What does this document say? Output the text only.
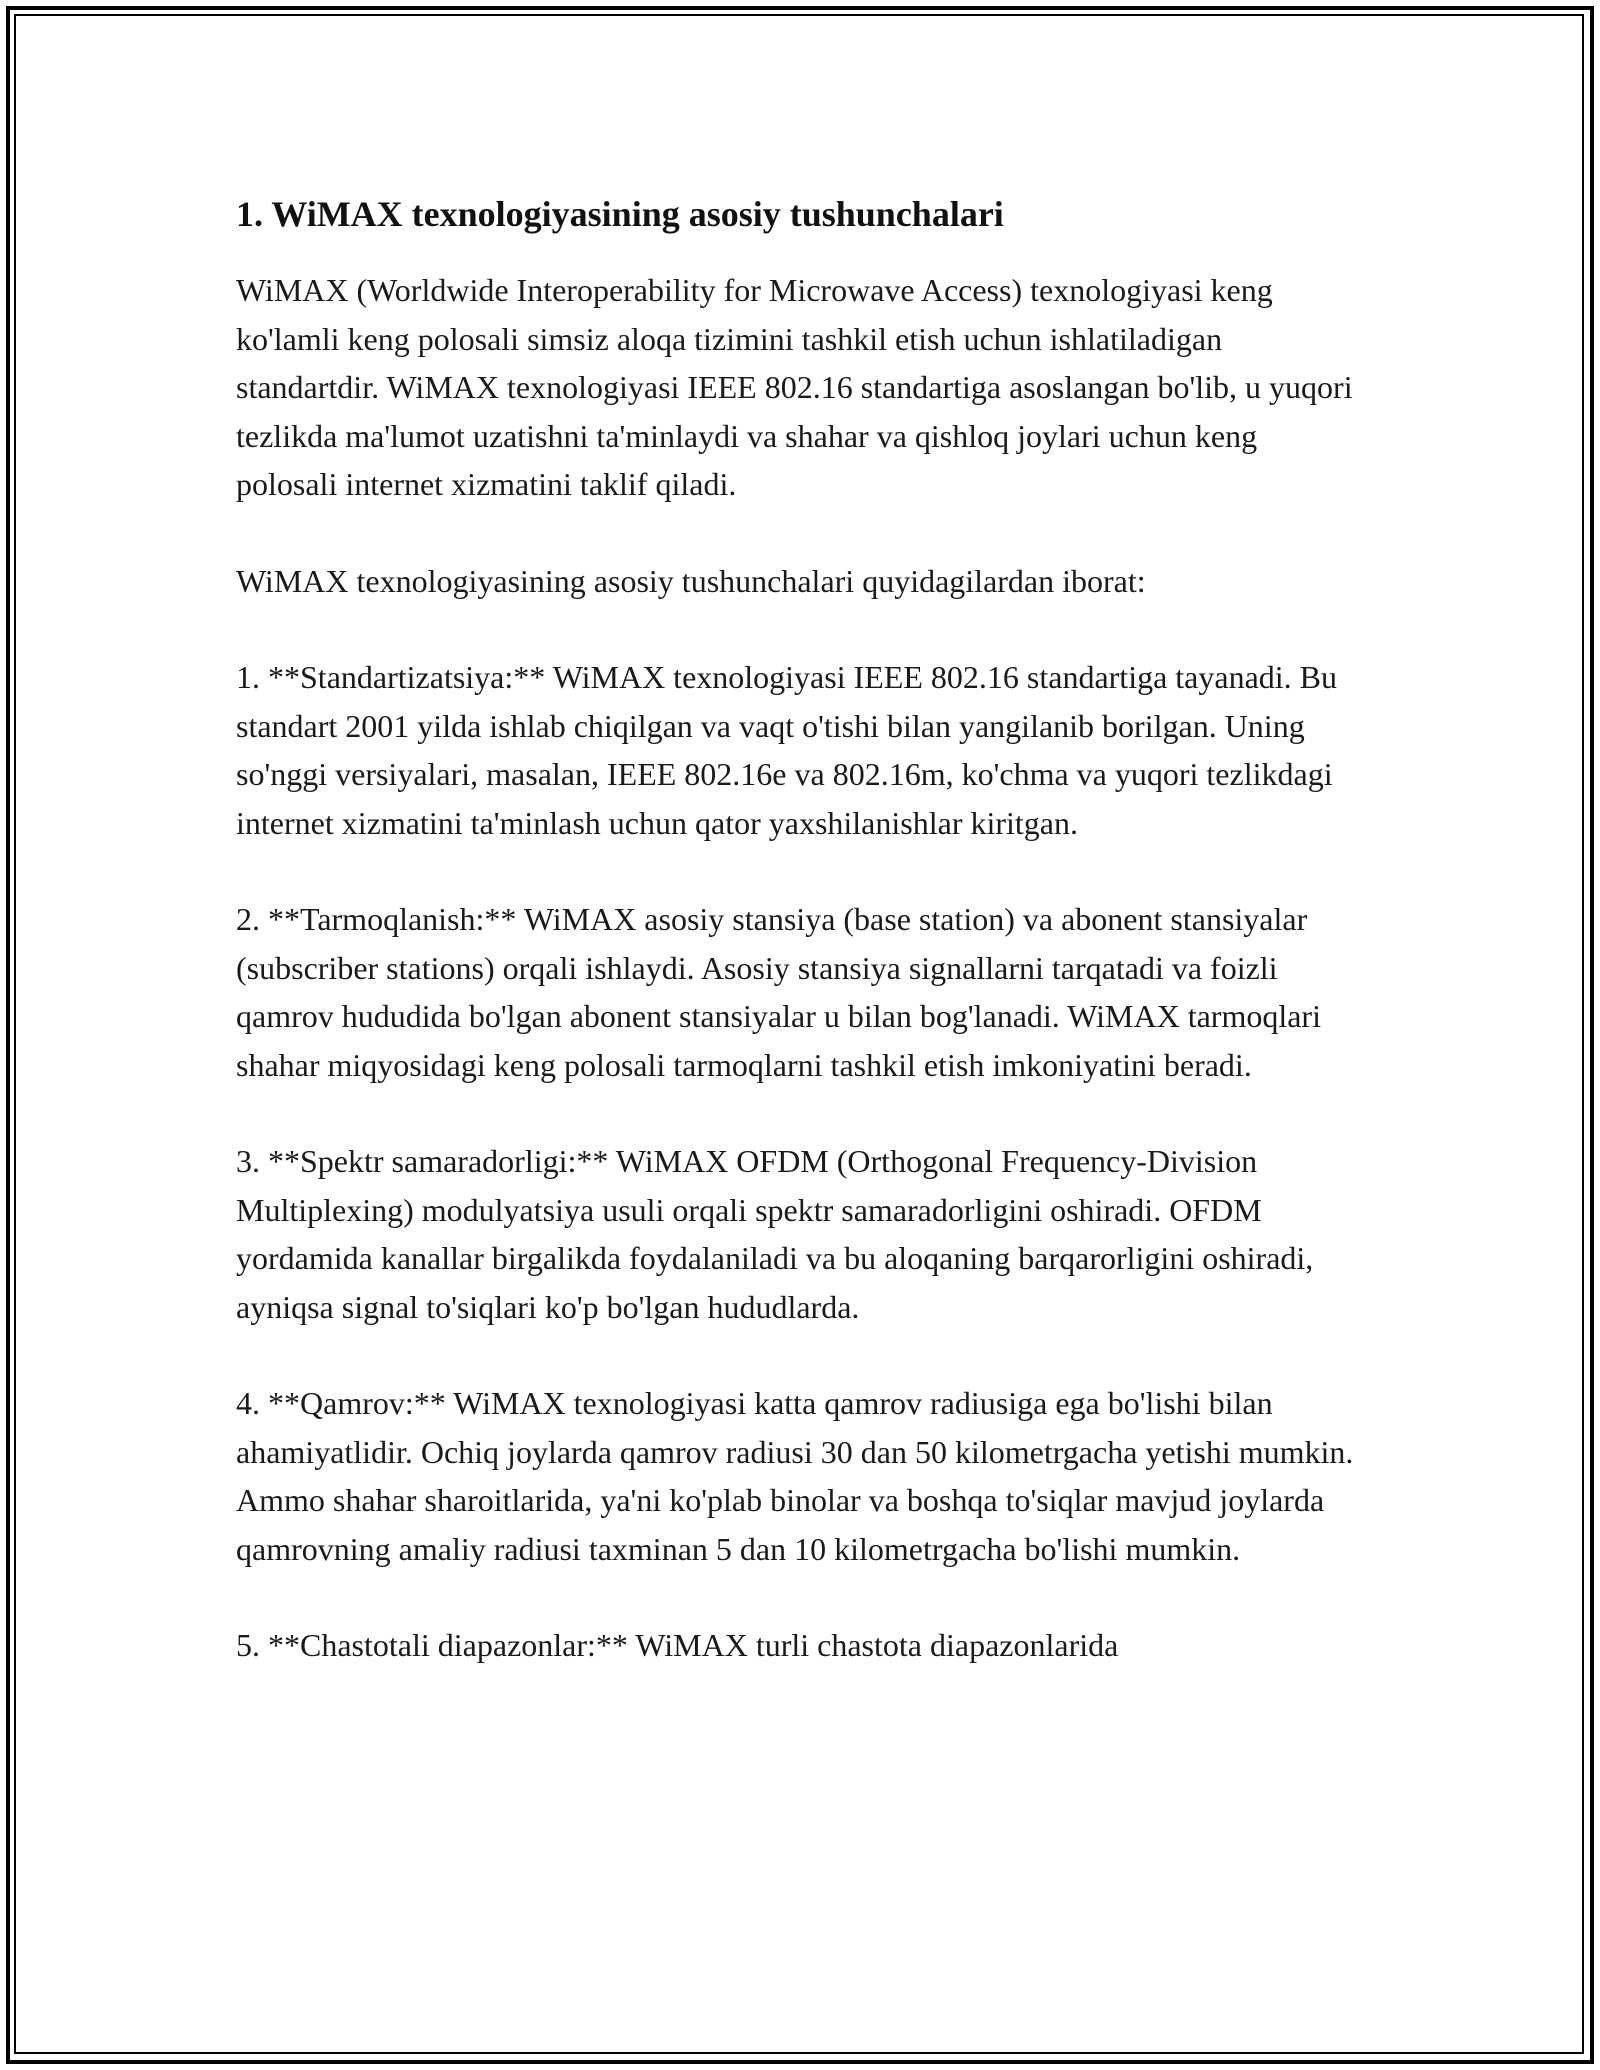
1. WiMAX texnologiyasining asosiy tushunchalari

WiMAX (Worldwide Interoperability for Microwave Access) texnologiyasi keng ko'lamli keng polosali simsiz aloqa tizimini tashkil etish uchun ishlatiladigan standartdir. WiMAX texnologiyasi IEEE 802.16 standartiga asoslangan bo'lib, u yuqori tezlikda ma'lumot uzatishni ta'minlaydi va shahar va qishloq joylari uchun keng polosali internet xizmatini taklif qiladi.

WiMAX texnologiyasining asosiy tushunchalari quyidagilardan iborat:

1. **Standartizatsiya:** WiMAX texnologiyasi IEEE 802.16 standartiga tayanadi. Bu standart 2001 yilda ishlab chiqilgan va vaqt o'tishi bilan yangilanib borilgan. Uning so'nggi versiyalari, masalan, IEEE 802.16e va 802.16m, ko'chma va yuqori tezlikdagi internet xizmatini ta'minlash uchun qator yaxshilanishlar kiritgan.

2. **Tarmoqlanish:** WiMAX asosiy stansiya (base station) va abonent stansiyalar (subscriber stations) orqali ishlaydi. Asosiy stansiya signallarni tarqatadi va foizli qamrov hududida bo'lgan abonent stansiyalar u bilan bog'lanadi. WiMAX tarmoqlari shahar miqyosidagi keng polosali tarmoqlarni tashkil etish imkoniyatini beradi.

3. **Spektr samaradorligi:** WiMAX OFDM (Orthogonal Frequency-Division Multiplexing) modulyatsiya usuli orqali spektr samaradorligini oshiradi. OFDM yordamida kanallar birgalikda foydalaniladi va bu aloqaning barqarorligini oshiradi, ayniqsa signal to'siqlari ko'p bo'lgan hududlarda.

4. **Qamrov:** WiMAX texnologiyasi katta qamrov radiusiga ega bo'lishi bilan ahamiyatlidir. Ochiq joylarda qamrov radiusi 30 dan 50 kilometrgacha yetishi mumkin. Ammo shahar sharoitlarida, ya'ni ko'plab binolar va boshqa to'siqlar mavjud joylarda qamrovning amaliy radiusi taxminan 5 dan 10 kilometrgacha bo'lishi mumkin.

5. **Chastotali diapazonlar:** WiMAX turli chastota diapazonlarida
